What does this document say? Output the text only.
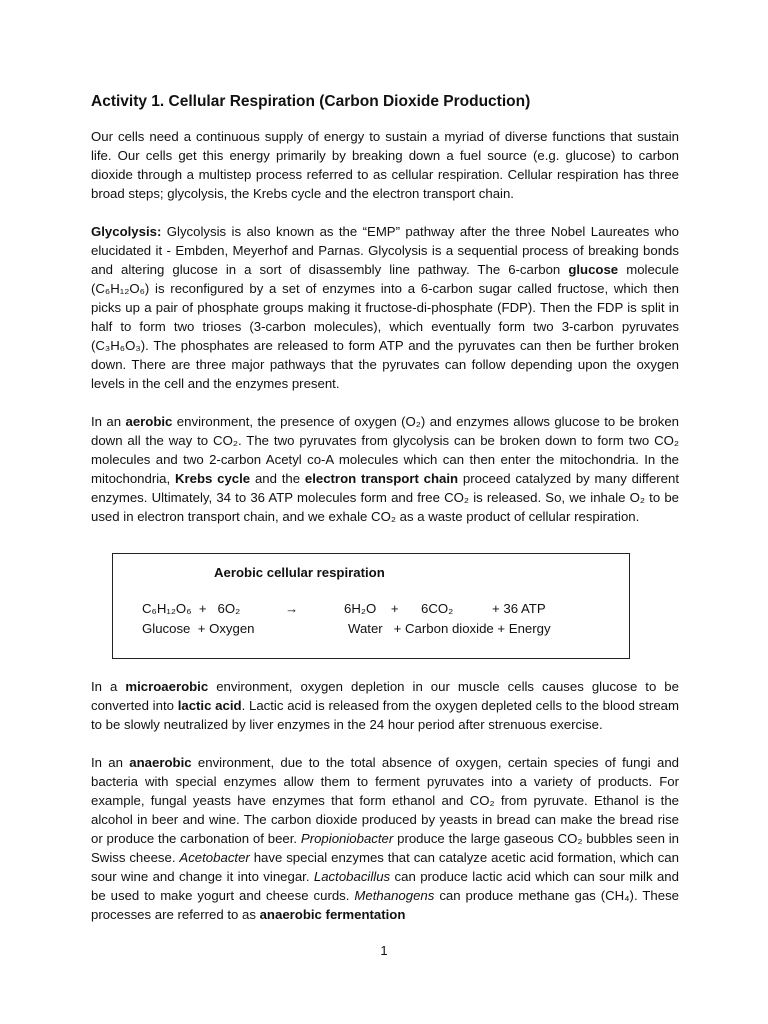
Activity 1. Cellular Respiration (Carbon Dioxide Production)

Our cells need a continuous supply of energy to sustain a myriad of diverse functions that sustain life. Our cells get this energy primarily by breaking down a fuel source (e.g. glucose) to carbon dioxide through a multistep process referred to as cellular respiration. Cellular respiration has three broad steps; glycolysis, the Krebs cycle and the electron transport chain.

Glycolysis: Glycolysis is also known as the “EMP” pathway after the three Nobel Laureates who elucidated it - Embden, Meyerhof and Parnas. Glycolysis is a sequential process of breaking bonds and altering glucose in a sort of disassembly line pathway. The 6-carbon glucose molecule (C₆H₁₂O₆) is reconfigured by a set of enzymes into a 6-carbon sugar called fructose, which then picks up a pair of phosphate groups making it fructose-di-phosphate (FDP). Then the FDP is split in half to form two trioses (3-carbon molecules), which eventually form two 3-carbon pyruvates (C₃H₆O₃). The phosphates are released to form ATP and the pyruvates can then be further broken down. There are three major pathways that the pyruvates can follow depending upon the oxygen levels in the cell and the enzymes present.

In an aerobic environment, the presence of oxygen (O₂) and enzymes allows glucose to be broken down all the way to CO₂. The two pyruvates from glycolysis can be broken down to form two CO₂ molecules and two 2-carbon Acetyl co-A molecules which can then enter the mitochondria. In the mitochondria, Krebs cycle and the electron transport chain proceed catalyzed by many different enzymes. Ultimately, 34 to 36 ATP molecules form and free CO₂ is released. So, we inhale O₂ to be used in electron transport chain, and we exhale CO₂ as a waste product of cellular respiration.

Aerobic cellular respiration
C₆H₁₂O₆  +   6O₂	→	6H₂O    + 6CO₂	+ 36 ATP
Glucose  + Oxygen	Water   + Carbon dioxide + Energy

In a microaerobic environment, oxygen depletion in our muscle cells causes glucose to be converted into lactic acid. Lactic acid is released from the oxygen depleted cells to the blood stream to be slowly neutralized by liver enzymes in the 24 hour period after strenuous exercise.

In an anaerobic environment, due to the total absence of oxygen, certain species of fungi and bacteria with special enzymes allow them to ferment pyruvates into a variety of products. For example, fungal yeasts have enzymes that form ethanol and CO₂ from pyruvate. Ethanol is the alcohol in beer and wine. The carbon dioxide produced by yeasts in bread can make the bread rise or produce the carbonation of beer. Propioniobacter produce the large gaseous CO₂ bubbles seen in Swiss cheese. Acetobacter have special enzymes that can catalyze acetic acid formation, which can sour wine and change it into vinegar. Lactobacillus can produce lactic acid which can sour milk and be used to make yogurt and cheese curds. Methanogens can produce methane gas (CH₄). These processes are referred to as anaerobic fermentation

1
